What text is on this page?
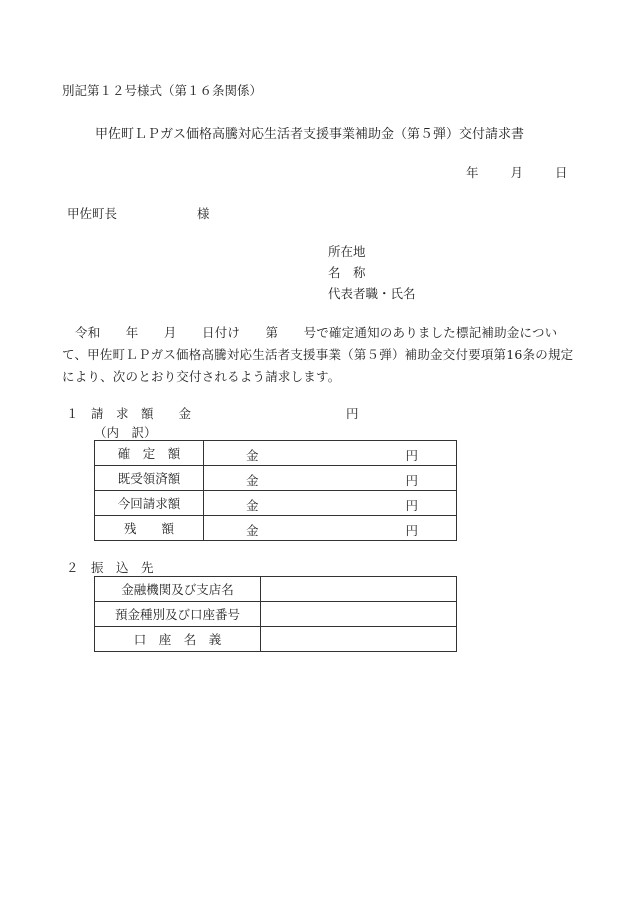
別記第１２号様式（第１６条関係）
甲佐町ＬＰガス価格高騰対応生活者支援事業補助金（第５弾）交付請求書
年	月	日
甲佐町長	様
所在地
名　称
代表者職・氏名
令和　　年　　月　　日付け　　第　　号で確定通知のありました標記補助金について、甲佐町ＬＰガス価格高騰対応生活者支援事業（第５弾）補助金交付要項第16条の規定により、次のとおり交付されるよう請求します。
１　請　求　額　　金	円
（内　訳）
確　定　額	金 円

既受領済額	金 円

今回請求額	金 円

残　　額	金 円
２　振　込　先
金融機関及び支店名	
預金種別及び口座番号	
口　座　名　義	
